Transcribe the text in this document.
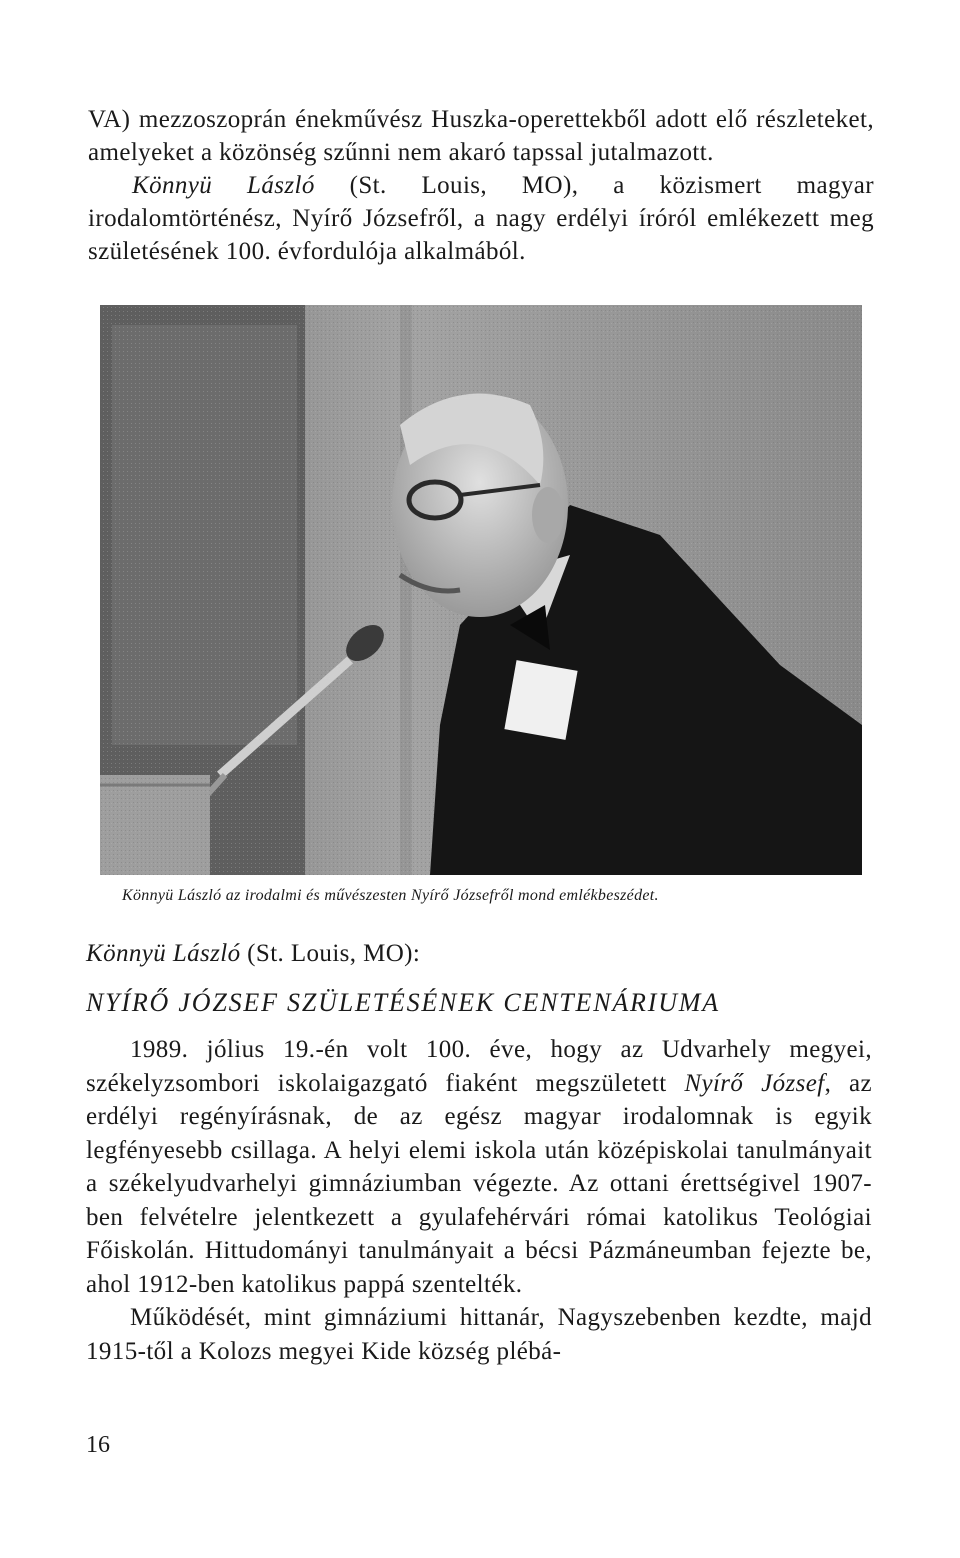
VA) mezzoszoprán énekművész Huszka-operettekből adott elő részleteket, amelyeket a közönség szűnni nem akaró tapssal jutalmazott.

Könnyü László (St. Louis, MO), a közismert magyar irodalomtörténész, Nyírő Józsefről, a nagy erdélyi íróról emlékezett meg születésének 100. évfordulója alkalmából.

Könnyü László az irodalmi és művészesten Nyírő Józsefről mond emlékbeszédet.
Könnyü László (St. Louis, MO):
NYÍRŐ JÓZSEF SZÜLETÉSÉNEK CENTENÁRIUMA

1989. jólius 19.-én volt 100. éve, hogy az Udvarhely megyei, székelyzsombori iskolaigazgató fiaként megszületett Nyírő József, az erdélyi regényírásnak, de az egész magyar irodalomnak is egyik legfényesebb csillaga. A helyi elemi iskola után középiskolai tanulmányait a székelyudvarhelyi gimnáziumban végezte. Az ottani érettségivel 1907-ben felvételre jelentkezett a gyulafehérvári római katolikus Teológiai Főiskolán. Hittudományi tanulmányait a bécsi Pázmáneumban fejezte be, ahol 1912-ben katolikus pappá szentelték.

Működését, mint gimnáziumi hittanár, Nagyszebenben kezdte, majd 1915-től a Kolozs megyei Kide község plébá-

16
